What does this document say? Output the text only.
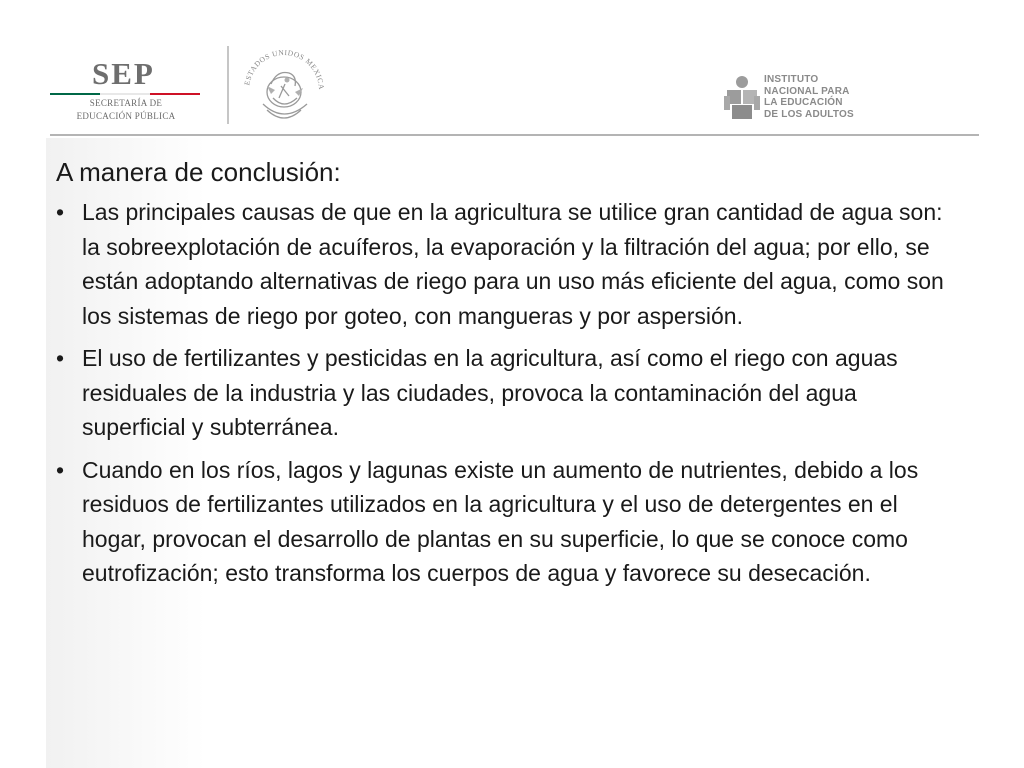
SEP
SECRETARÍA DE
EDUCACIÓN PÚBLICA
ESTADOS UNIDOS MEXICA
INSTITUTO
NACIONAL PARA
LA EDUCACIÓN
DE LOS ADULTOS
A manera de conclusión:
• Las principales causas de que en la agricultura se utilice gran cantidad de agua son: la sobreexplotación de acuíferos, la evaporación y la filtración del agua; por ello, se están adoptando alternativas de riego para un uso más eficiente del agua, como son los sistemas de riego por goteo, con mangueras y por aspersión.
• El uso de fertilizantes y pesticidas en la agricultura, así como el riego con aguas residuales de la industria y las ciudades, provoca la contaminación del agua superficial y subterránea.
• Cuando en los ríos, lagos y lagunas existe un aumento de nutrientes, debido a los residuos de fertilizantes utilizados en la agricultura y el uso de detergentes en el hogar, provocan el desarrollo de plantas en su superficie, lo que se conoce como eutrofización; esto transforma los cuerpos de agua y favorece su desecación.
